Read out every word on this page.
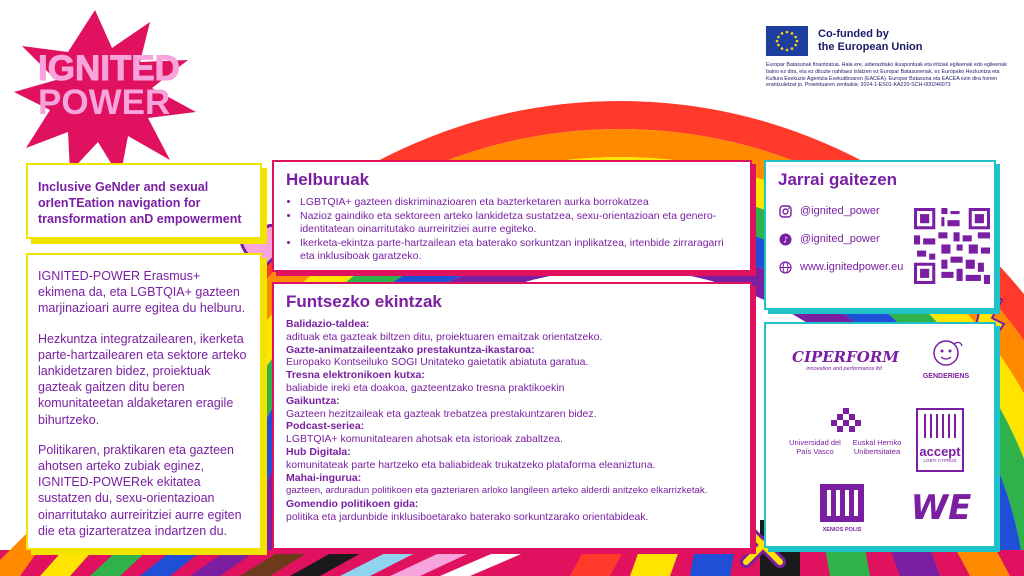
IGNITED
POWER
Co-funded by
the European Union
Europar Batasunak finantzatua. Hala ere, adierazitako ikuspuntuak eta iritziak egileenak edo egileenak baino ez dira, eta ez dituzte nahitaez islatzen ez Europar Batasunenak, ez Europako Hezkuntza eta Kultura Exekuzio Agentzia Exekutiboaren (EACEA). Europar Batasuna eta EACEA ezin dira horien erantzuletzat jo. Proiektuaren zenbakia: 2024-1-ES01-KA220-SCH-000246073

Inclusive GeNder and sexual orIenTEation navigation for transformation anD empowerment

IGNITED-POWER Erasmus+ ekimena da, eta LGBTQIA+ gazteen marjinazioari aurre egitea du helburu.

Hezkuntza integratzailearen, ikerketa parte-hartzailearen eta sektore arteko lankidetzaren bidez, proiektuak gazteak gaitzen ditu beren komunitateetan aldaketaren eragile bihurtzeko.

Politikaren, praktikaren eta gazteen ahotsen arteko zubiak eginez, IGNITED-POWERek ekitatea sustatzen du, sexu-orientazioan oinarritutako aurreiritziei aurre egiten die eta gizarteratzea indartzen du.

Helburuak
• LGBTQIA+ gazteen diskriminazioaren eta bazterketaren aurka borrokatzea
• Nazioz gaindiko eta sektoreen arteko lankidetza sustatzea, sexu-orientazioan eta genero-identitatean oinarritutako aurreiritziei aurre egiteko.
• Ikerketa-ekintza parte-hartzailean eta baterako sorkuntzan inplikatzea, irtenbide zirraragarri eta inklusiboak garatzeko.
Funtsezko ekintzak
Balidazio-taldea:
adituak eta gazteak biltzen ditu, proiektuaren emaitzak orientatzeko.
Gazte-animatzaileentzako prestakuntza-ikastaroa:
Europako Kontseiluko SOGI Unitateko gaietatik abiatuta garatua.
Tresna elektronikoen kutxa:
baliabide ireki eta doakoa, gazteentzako tresna praktikoekin
Gaikuntza:
Gazteen hezitzaileak eta gazteak trebatzea prestakuntzaren bidez.
Podcast-seriea:
LGBTQIA+ komunitatearen ahotsak eta istorioak zabaltzea.
Hub Digitala:
komunitateak parte hartzeko eta baliabideak trukatzeko plataforma eleaniztuna.
Mahai-ingurua:
gazteen, arduradun politikoen eta gazteriaren arloko langileen arteko alderdi anitzeko elkarrizketak.
Gomendio politikoen gida:
politika eta jardunbide inklusiboetarako baterako sorkuntzarako orientabideak.
Jarrai gaitezen
@ignited_power
♪ @ignited_power
www.ignitedpower.eu
CIPERFORM
innovation and performance ltd
GENDERIENS
Universidad del País Vasco
Euskal Herriko Unibertsitatea	accept
LGBTI CYPRUS
XENIOS POLIS
WE
